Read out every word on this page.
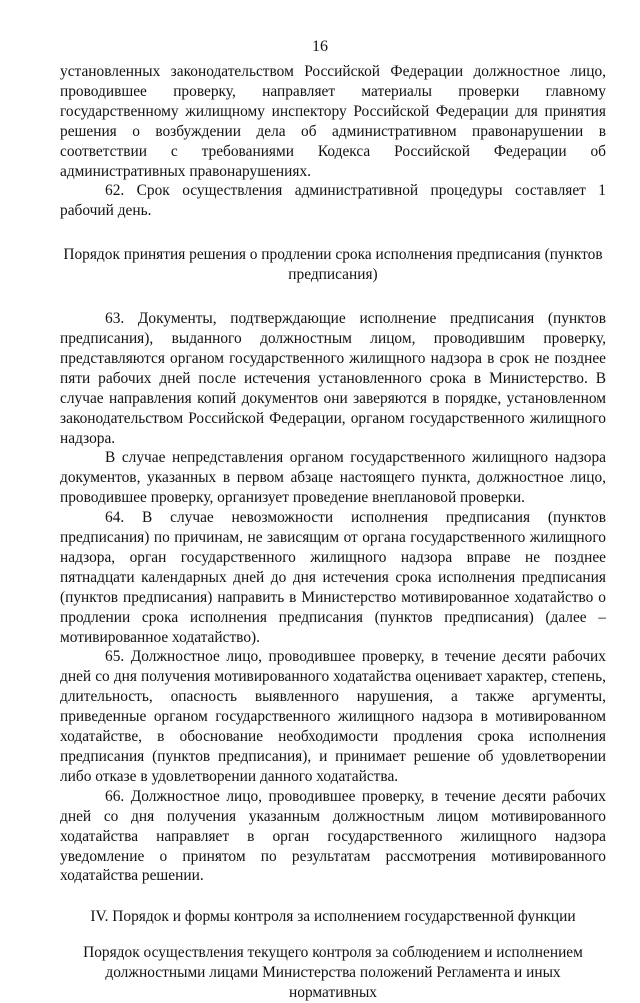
16

установленных законодательством Российской Федерации должностное лицо, проводившее проверку, направляет материалы проверки главному государственному жилищному инспектору Российской Федерации для принятия решения о возбуждении дела об административном правонарушении в соответствии с требованиями Кодекса Российской Федерации об административных правонарушениях.

62. Срок осуществления административной процедуры составляет 1 рабочий день.

Порядок принятия решения о продлении срока исполнения предписания (пунктов предписания)

63. Документы, подтверждающие исполнение предписания (пунктов предписания), выданного должностным лицом, проводившим проверку, представляются органом государственного жилищного надзора в срок не позднее пяти рабочих дней после истечения установленного срока в Министерство. В случае направления копий документов они заверяются в порядке, установленном законодательством Российской Федерации, органом государственного жилищного надзора.

В случае непредставления органом государственного жилищного надзора документов, указанных в первом абзаце настоящего пункта, должностное лицо, проводившее проверку, организует проведение внеплановой проверки.

64. В случае невозможности исполнения предписания (пунктов предписания) по причинам, не зависящим от органа государственного жилищного надзора, орган государственного жилищного надзора вправе не позднее пятнадцати календарных дней до дня истечения срока исполнения предписания (пунктов предписания) направить в Министерство мотивированное ходатайство о продлении срока исполнения предписания (пунктов предписания) (далее – мотивированное ходатайство).

65. Должностное лицо, проводившее проверку, в течение десяти рабочих дней со дня получения мотивированного ходатайства оценивает характер, степень, длительность, опасность выявленного нарушения, а также аргументы, приведенные органом государственного жилищного надзора в мотивированном ходатайстве, в обоснование необходимости продления срока исполнения предписания (пунктов предписания), и принимает решение об удовлетворении либо отказе в удовлетворении данного ходатайства.

66. Должностное лицо, проводившее проверку, в течение десяти рабочих дней со дня получения указанным должностным лицом мотивированного ходатайства направляет в орган государственного жилищного надзора уведомление о принятом по результатам рассмотрения мотивированного ходатайства решении.

IV. Порядок и формы контроля за исполнением государственной функции

Порядок осуществления текущего контроля за соблюдением и исполнением должностными лицами Министерства положений Регламента и иных нормативных
